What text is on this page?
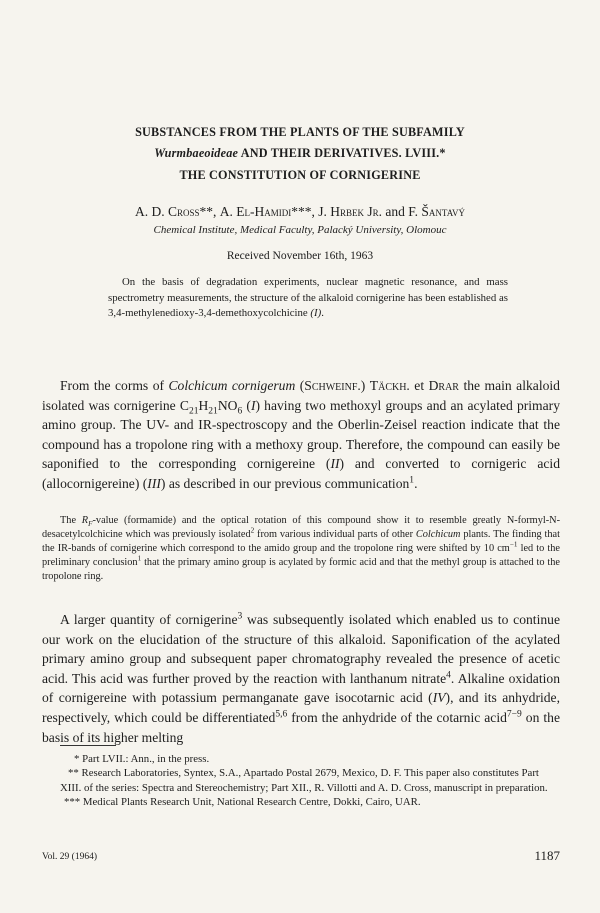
SUBSTANCES FROM THE PLANTS OF THE SUBFAMILY
Wurmbaeoideae AND THEIR DERIVATIVES. LVIII.*
THE CONSTITUTION OF CORNIGERINE
A. D. Cross**, A. El-Hamidi***, J. Hrbek Jr. and F. Šantavý
Chemical Institute, Medical Faculty, Palacký University, Olomouc
Received November 16th, 1963
On the basis of degradation experiments, nuclear magnetic resonance, and mass spectrometry measurements, the structure of the alkaloid cornigerine has been established as 3,4-methylenedioxy-3,4-demethoxycolchicine (I).

From the corms of Colchicum cornigerum (Schweinf.) Täckh. et Drar the main alkaloid isolated was cornigerine $C_{21}H_{21}NO_6$ (I) having two methoxyl groups and an acylated primary amino group. The UV- and IR-spectroscopy and the Oberlin-Zeisel reaction indicate that the compound has a tropolone ring with a methoxy group. Therefore, the compound can easily be saponified to the corresponding cornigereine (II) and converted to cornigeric acid (allocornigereine) (III) as described in our previous communication$^1$.

The $R_F$-value (formamide) and the optical rotation of this compound show it to resemble greatly N-formyl-N-desacetylcolchicine which was previously isolated$^2$ from various individual parts of other Colchicum plants. The finding that the IR-bands of cornigerine which correspond to the amido group and the tropolone ring were shifted by 10 $cm^{-1}$ led to the preliminary conclusion$^1$ that the primary amino group is acylated by formic acid and that the methyl group is attached to the tropolone ring.

A larger quantity of cornigerine$^3$ was subsequently isolated which enabled us to continue our work on the elucidation of the structure of this alkaloid. Saponification of the acylated primary amino group and subsequent paper chromatography revealed the presence of acetic acid. This acid was further proved by the reaction with lanthanum nitrate$^4$. Alkaline oxidation of cornigereine with potassium permanganate gave isocotarnic acid (IV), and its anhydride, respectively, which could be differentiated$^{5,6}$ from the anhydride of the cotarnic acid$^{7-9}$ on the basis of its higher melting

* Part LVII.: Ann., in the press.

** Research Laboratories, Syntex, S.A., Apartado Postal 2679, Mexico, D. F. This paper also constitutes Part XIII. of the series: Spectra and Stereochemistry; Part XII., R. Villotti and A. D. Cross, manuscript in preparation.

*** Medical Plants Research Unit, National Research Centre, Dokki, Cairo, UAR.

Vol. 29 (1964)	1187
